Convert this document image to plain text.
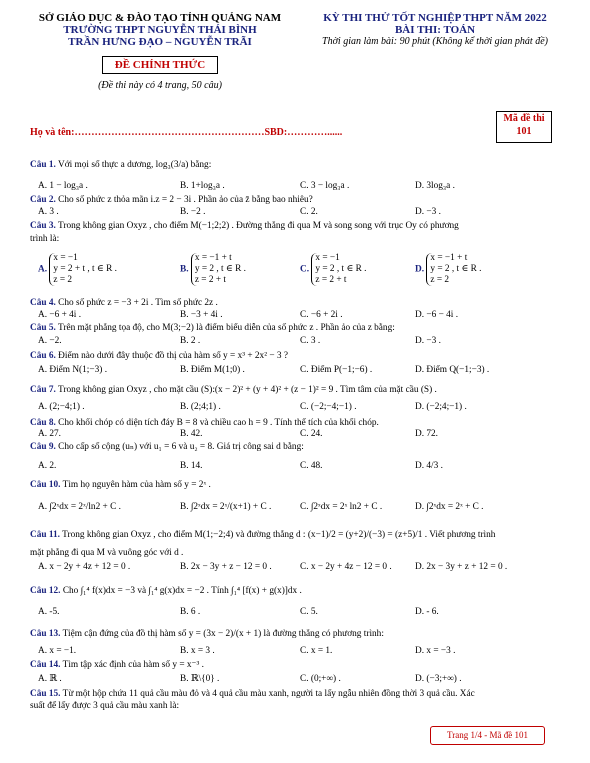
SỞ GIÁO DỤC & ĐÀO TẠO TỈNH QUẢNG NAM
TRƯỜNG THPT NGUYỄN THÁI BÌNH
TRẦN HƯNG ĐẠO – NGUYỄN TRÃI
ĐỀ CHÍNH THỨC
(Đề thi này có 4 trang, 50 câu)
KỲ THI THỬ TỐT NGHIỆP THPT NĂM 2022
BÀI THI: TOÁN
Thời gian làm bài: 90 phút (Không kể thời gian phát đề)
Họ và tên:…………………………………………………SBD:…………......
Mã đề thi
101
Câu 1. Với mọi số thực a dương, log₃(3/a) bằng:
A. 1 − log₃a .	B. 1+log₃a .	C. 3 − log₃a .	D. 3log₃a .
Câu 2. Cho số phức z thỏa mãn i.z = 2 − 3i . Phần ảo của z̄ bằng bao nhiêu?
A. 3 .	B. −2 .	C. 2.	D. −3 .
Câu 3. Trong không gian Oxyz , cho điểm M(−1;2;2) . Đường thẳng đi qua M và song song với trục Oy có phương
trình là:
A.
x = −1
y = 2 + t , t ∈ R .
z = 2
B.
x = −1 + t
y = 2 , t ∈ R .
z = 2 + t
C.
x = −1
y = 2 , t ∈ R .
z = 2 + t
D.
x = −1 + t
y = 2 , t ∈ R .
z = 2
Câu 4. Cho số phức z = −3 + 2i . Tìm số phức 2z .
A. −6 + 4i .	B. −3 + 4i .	C. −6 + 2i .	D. −6 − 4i .
Câu 5. Trên mặt phẳng tọa độ, cho M(3;−2) là điểm biểu diễn của số phức z . Phần ảo của z bằng:
A. −2.	B. 2 .	C. 3 .	D. −3 .
Câu 6. Điểm nào dưới đây thuộc đồ thị của hàm số y = x³ + 2x² − 3 ?
A. Điểm N(1;−3) .	B. Điểm M(1;0) .	C. Điểm P(−1;−6) .	D. Điểm Q(−1;−3) .
Câu 7. Trong không gian Oxyz , cho mặt cầu (S):(x − 2)² + (y + 4)² + (z − 1)² = 9 . Tìm tâm của mặt cầu (S) .
A. (2;−4;1) .	B. (2;4;1) .	C. (−2;−4;−1) .	D. (−2;4;−1) .
Câu 8. Cho khối chóp có diện tích đáy B = 8 và chiều cao h = 9 . Tính thể tích của khối chóp.
A. 27.	B. 42.	C. 24.	D. 72.
Câu 9. Cho cấp số cộng (uₙ) với u₁ = 6 và u₂ = 8. Giá trị công sai d bằng:
A. 2.	B. 14.	C. 48.	D. 4/3 .
Câu 10. Tìm họ nguyên hàm của hàm số y = 2ˣ .
A. ∫2ˣdx = 2ˣ/ln2 + C .	B. ∫2ˣdx = 2ˣ/(x+1) + C .	C. ∫2ˣdx = 2ˣ ln2 + C .	D. ∫2ˣdx = 2ˣ + C .
Câu 11. Trong không gian Oxyz , cho điểm M(1;−2;4) và đường thẳng d : (x−1)/2 = (y+2)/(−3) = (z+5)/1 . Viết phương trình
mặt phẳng đi qua M và vuông góc với d .
A. x − 2y + 4z + 12 = 0 .	B. 2x − 3y + z − 12 = 0 .	C. x − 2y + 4z − 12 = 0 .	D. 2x − 3y + z + 12 = 0 .
Câu 12. Cho ∫₁⁴ f(x)dx = −3 và ∫₁⁴ g(x)dx = −2 . Tính ∫₁⁴ [f(x) + g(x)]dx .
A. -5.	B. 6 .	C. 5.	D. - 6.
Câu 13. Tiệm cận đứng của đồ thị hàm số y = (3x − 2)/(x + 1) là đường thẳng có phương trình:
A. x = −1.	B. x = 3 .	C. x = 1.	D. x = −3 .
Câu 14. Tìm tập xác định của hàm số y = x⁻³ .
A. ℝ .	B. ℝ\{0} .	C. (0;+∞) .	D. (−3;+∞) .
Câu 15. Từ một hộp chứa 11 quả cầu màu đỏ và 4 quả cầu màu xanh, người ta lấy ngẫu nhiên đồng thời 3 quả cầu. Xác
suất để lấy được 3 quả cầu màu xanh là:
Trang 1/4 - Mã đề 101
